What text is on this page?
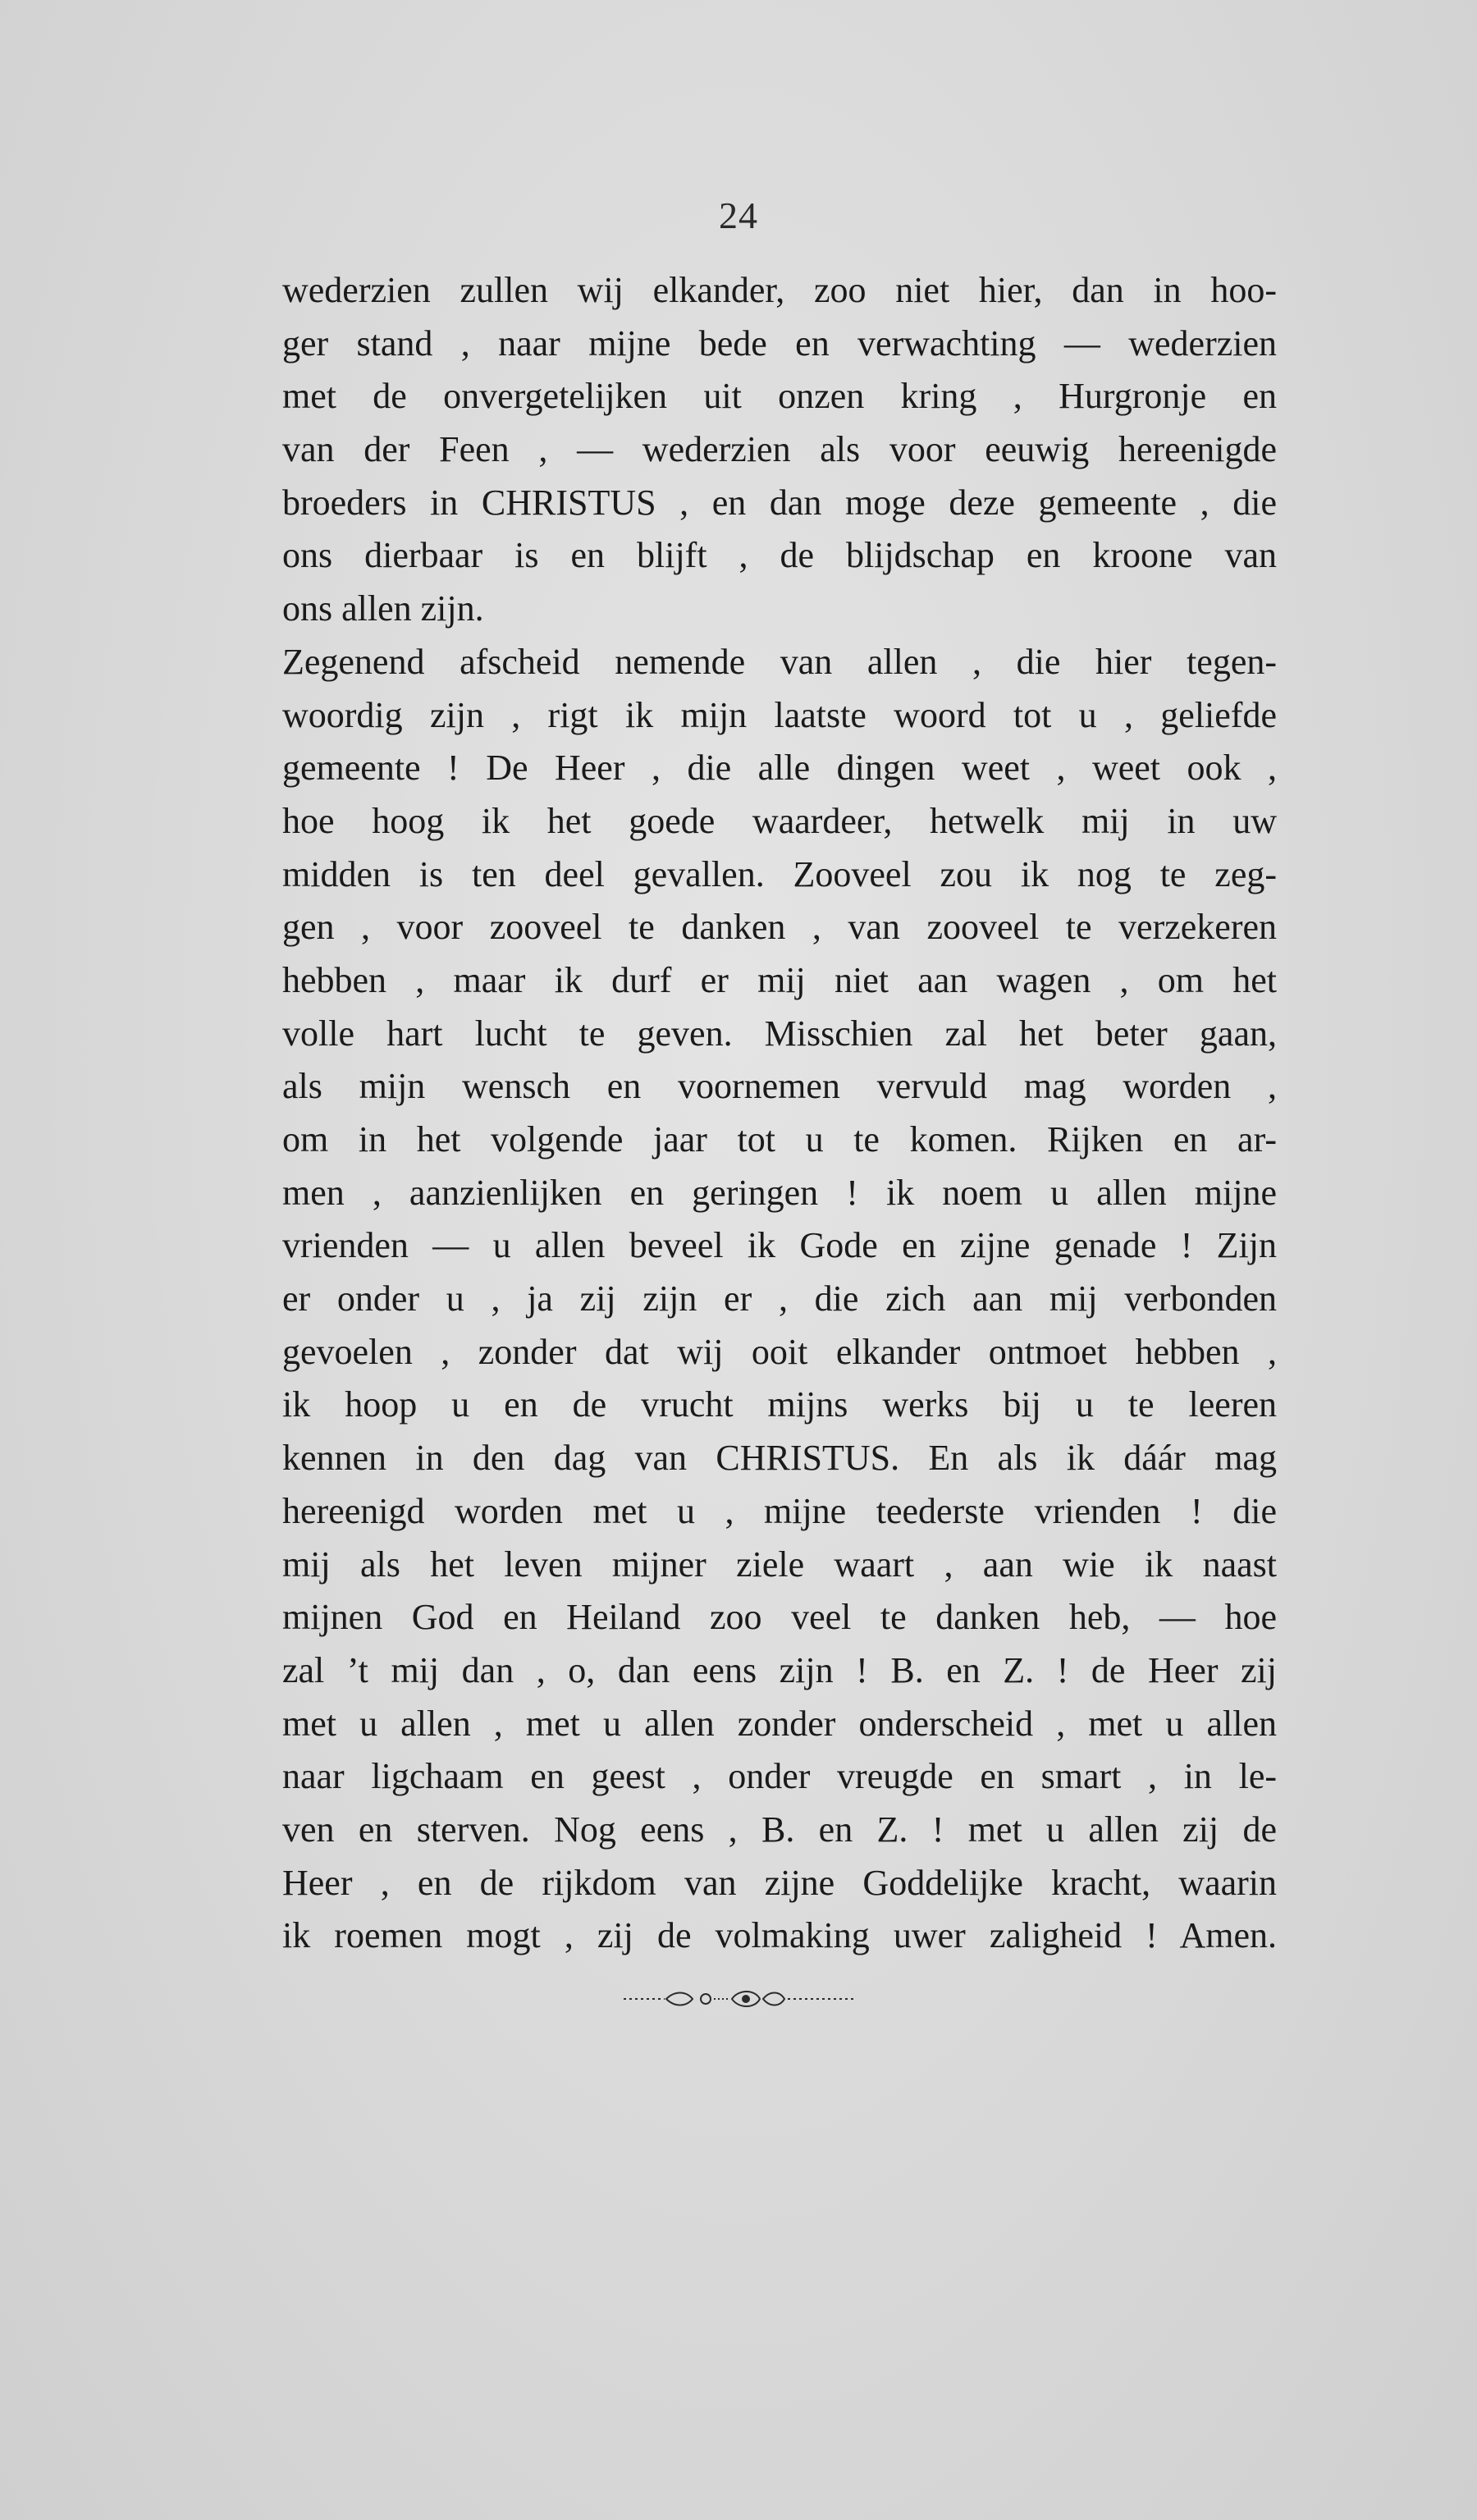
24
wederzien zullen wij elkander, zoo niet hier, dan in hoo-
ger stand , naar mijne bede en verwachting — wederzien
met de onvergetelijken uit onzen kring , Hurgronje en
van der Feen , — wederzien als voor eeuwig hereenigde
broeders in CHRISTUS , en dan moge deze gemeente , die
ons dierbaar is en blijft , de blijdschap en kroone van
ons allen zijn.
Zegenend afscheid nemende van allen , die hier tegen-
woordig zijn , rigt ik mijn laatste woord tot u , geliefde
gemeente ! De Heer , die alle dingen weet , weet ook ,
hoe hoog ik het goede waardeer, hetwelk mij in uw
midden is ten deel gevallen. Zooveel zou ik nog te zeg-
gen , voor zooveel te danken , van zooveel te verzekeren
hebben , maar ik durf er mij niet aan wagen , om het
volle hart lucht te geven. Misschien zal het beter gaan,
als mijn wensch en voornemen vervuld mag worden ,
om in het volgende jaar tot u te komen. Rijken en ar-
men , aanzienlijken en geringen ! ik noem u allen mijne
vrienden — u allen beveel ik Gode en zijne genade ! Zijn
er onder u , ja zij zijn er , die zich aan mij verbonden
gevoelen , zonder dat wij ooit elkander ontmoet hebben ,
ik hoop u en de vrucht mijns werks bij u te leeren
kennen in den dag van CHRISTUS. En als ik dáár mag
hereenigd worden met u , mijne teederste vrienden ! die
mij als het leven mijner ziele waart , aan wie ik naast
mijnen God en Heiland zoo veel te danken heb, — hoe
zal ’t mij dan , o, dan eens zijn ! B. en Z. ! de Heer zij
met u allen , met u allen zonder onderscheid , met u allen
naar ligchaam en geest , onder vreugde en smart , in le-
ven en sterven. Nog eens , B. en Z. ! met u allen zij de
Heer , en de rijkdom van zijne Goddelijke kracht, waarin
ik roemen mogt , zij de volmaking uwer zaligheid ! Amen.
